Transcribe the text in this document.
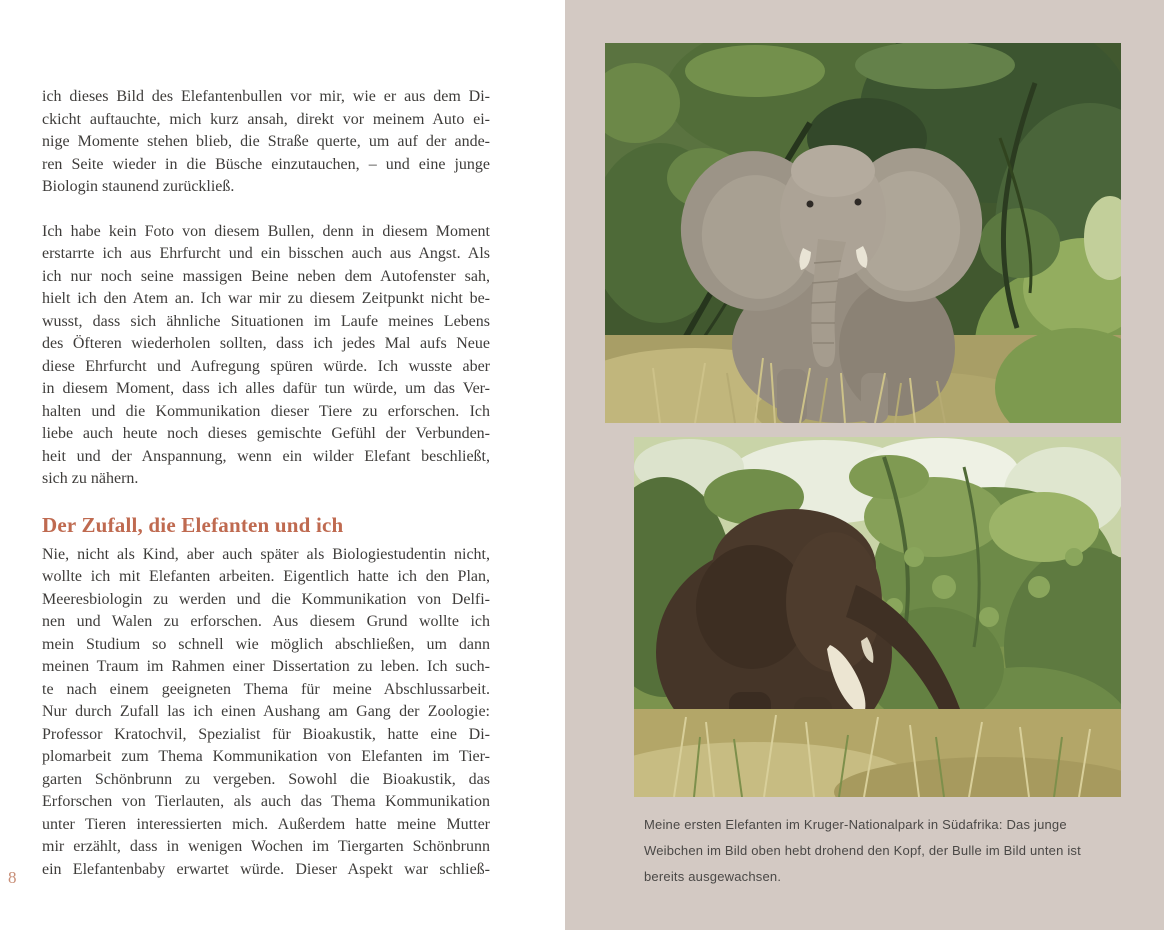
ich dieses Bild des Elefantenbullen vor mir, wie er aus dem Di-
ckicht auftauchte, mich kurz ansah, direkt vor meinem Auto ei-
nige Momente stehen blieb, die Straße querte, um auf der ande-
ren Seite wieder in die Büsche einzutauchen, – und eine junge
Biologin staunend zurückließ.
Ich habe kein Foto von diesem Bullen, denn in diesem Moment
erstarrte ich aus Ehrfurcht und ein bisschen auch aus Angst. Als
ich nur noch seine massigen Beine neben dem Autofenster sah,
hielt ich den Atem an. Ich war mir zu diesem Zeitpunkt nicht be-
wusst, dass sich ähnliche Situationen im Laufe meines Lebens
des Öfteren wiederholen sollten, dass ich jedes Mal aufs Neue
diese Ehrfurcht und Aufregung spüren würde. Ich wusste aber
in diesem Moment, dass ich alles dafür tun würde, um das Ver-
halten und die Kommunikation dieser Tiere zu erforschen. Ich
liebe auch heute noch dieses gemischte Gefühl der Verbunden-
heit und der Anspannung, wenn ein wilder Elefant beschließt,
sich zu nähern.
Der Zufall, die Elefanten und ich
Nie, nicht als Kind, aber auch später als Biologiestudentin nicht,
wollte ich mit Elefanten arbeiten. Eigentlich hatte ich den Plan,
Meeresbiologin zu werden und die Kommunikation von Delfi-
nen und Walen zu erforschen. Aus diesem Grund wollte ich
mein Studium so schnell wie möglich abschließen, um dann
meinen Traum im Rahmen einer Dissertation zu leben. Ich such-
te nach einem geeigneten Thema für meine Abschlussarbeit.
Nur durch Zufall las ich einen Aushang am Gang der Zoologie:
Professor Kratochvil, Spezialist für Bioakustik, hatte eine Di-
plomarbeit zum Thema Kommunikation von Elefanten im Tier-
garten Schönbrunn zu vergeben. Sowohl die Bioakustik, das
Erforschen von Tierlauten, als auch das Thema Kommunikation
unter Tieren interessierten mich. Außerdem hatte meine Mutter
mir erzählt, dass in wenigen Wochen im Tiergarten Schönbrunn
ein Elefantenbaby erwartet würde. Dieser Aspekt war schließ-
8
Meine ersten Elefanten im Kruger-Nationalpark in Südafrika: Das junge
Weibchen im Bild oben hebt drohend den Kopf, der Bulle im Bild unten ist
bereits ausgewachsen.
